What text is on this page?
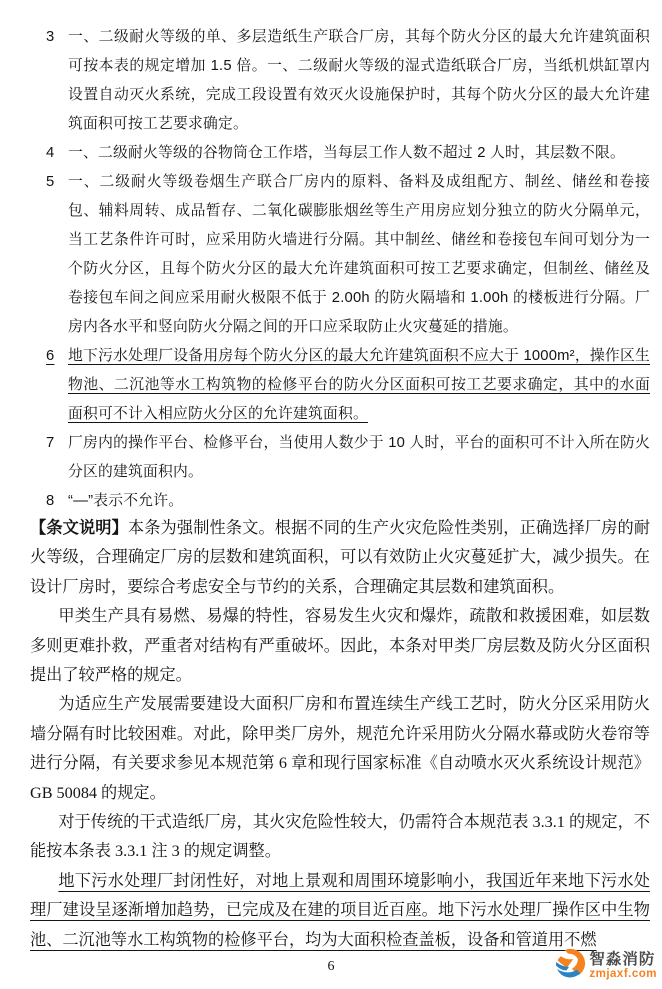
3 一、二级耐火等级的单、多层造纸生产联合厂房，其每个防火分区的最大允许建筑面积可按本表的规定增加 1.5 倍。一、二级耐火等级的湿式造纸联合厂房，当纸机烘缸罩内设置自动灭火系统，完成工段设置有效灭火设施保护时，其每个防火分区的最大允许建筑面积可按工艺要求确定。
4 一、二级耐火等级的谷物筒仓工作塔，当每层工作人数不超过 2 人时，其层数不限。
5 一、二级耐火等级卷烟生产联合厂房内的原料、备料及成组配方、制丝、储丝和卷接包、辅料周转、成品暂存、二氧化碳膨胀烟丝等生产用房应划分独立的防火分隔单元，当工艺条件许可时，应采用防火墙进行分隔。其中制丝、储丝和卷接包车间可划分为一个防火分区，且每个防火分区的最大允许建筑面积可按工艺要求确定，但制丝、储丝及卷接包车间之间应采用耐火极限不低于 2.00h 的防火隔墙和 1.00h 的楼板进行分隔。厂房内各水平和竖向防火分隔之间的开口应采取防止火灾蔓延的措施。
6 地下污水处理厂设备用房每个防火分区的最大允许建筑面积不应大于 1000m²，操作区生物池、二沉池等水工构筑物的检修平台的防火分区面积可按工艺要求确定，其中的水面面积可不计入相应防火分区的允许建筑面积。
7 厂房内的操作平台、检修平台，当使用人数少于 10 人时，平台的面积可不计入所在防火分区的建筑面积内。
8 “—”表示不允许。

【条文说明】本条为强制性条文。根据不同的生产火灾危险性类别，正确选择厂房的耐火等级，合理确定厂房的层数和建筑面积，可以有效防止火灾蔓延扩大，减少损失。在设计厂房时，要综合考虑安全与节约的关系，合理确定其层数和建筑面积。

甲类生产具有易燃、易爆的特性，容易发生火灾和爆炸，疏散和救援困难，如层数多则更难扑救，严重者对结构有严重破坏。因此，本条对甲类厂房层数及防火分区面积提出了较严格的规定。

为适应生产发展需要建设大面积厂房和布置连续生产线工艺时，防火分区采用防火墙分隔有时比较困难。对此，除甲类厂房外，规范允许采用防火分隔水幕或防火卷帘等进行分隔，有关要求参见本规范第 6 章和现行国家标准《自动喷水灭火系统设计规范》GB 50084 的规定。

对于传统的干式造纸厂房，其火灾危险性较大，仍需符合本规范表 3.3.1 的规定，不能按本条表 3.3.1 注 3 的规定调整。

地下污水处理厂封闭性好，对地上景观和周围环境影响小，我国近年来地下污水处理厂建设呈逐渐增加趋势，已完成及在建的项目近百座。地下污水处理厂操作区中生物池、二沉池等水工构筑物的检修平台，均为大面积检查盖板，设备和管道用不燃

6	智淼消防
zmjaxf.com
